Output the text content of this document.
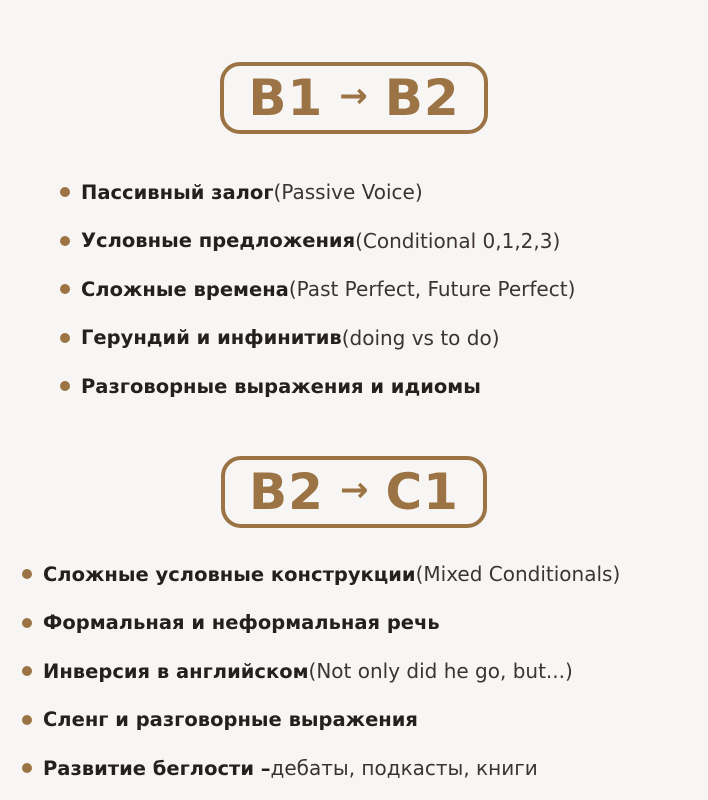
B1 → B2
Пассивный залог (Passive Voice)
Условные предложения (Conditional 0,1,2,3)
Сложные времена (Past Perfect, Future Perfect)
Герундий и инфинитив (doing vs to do)
Разговорные выражения и идиомы
B2 → C1
Сложные условные конструкции (Mixed Conditionals)
Формальная и неформальная речь
Инверсия в английском (Not only did he go, but...)
Сленг и разговорные выражения
Развитие беглости – дебаты, подкасты, книги
